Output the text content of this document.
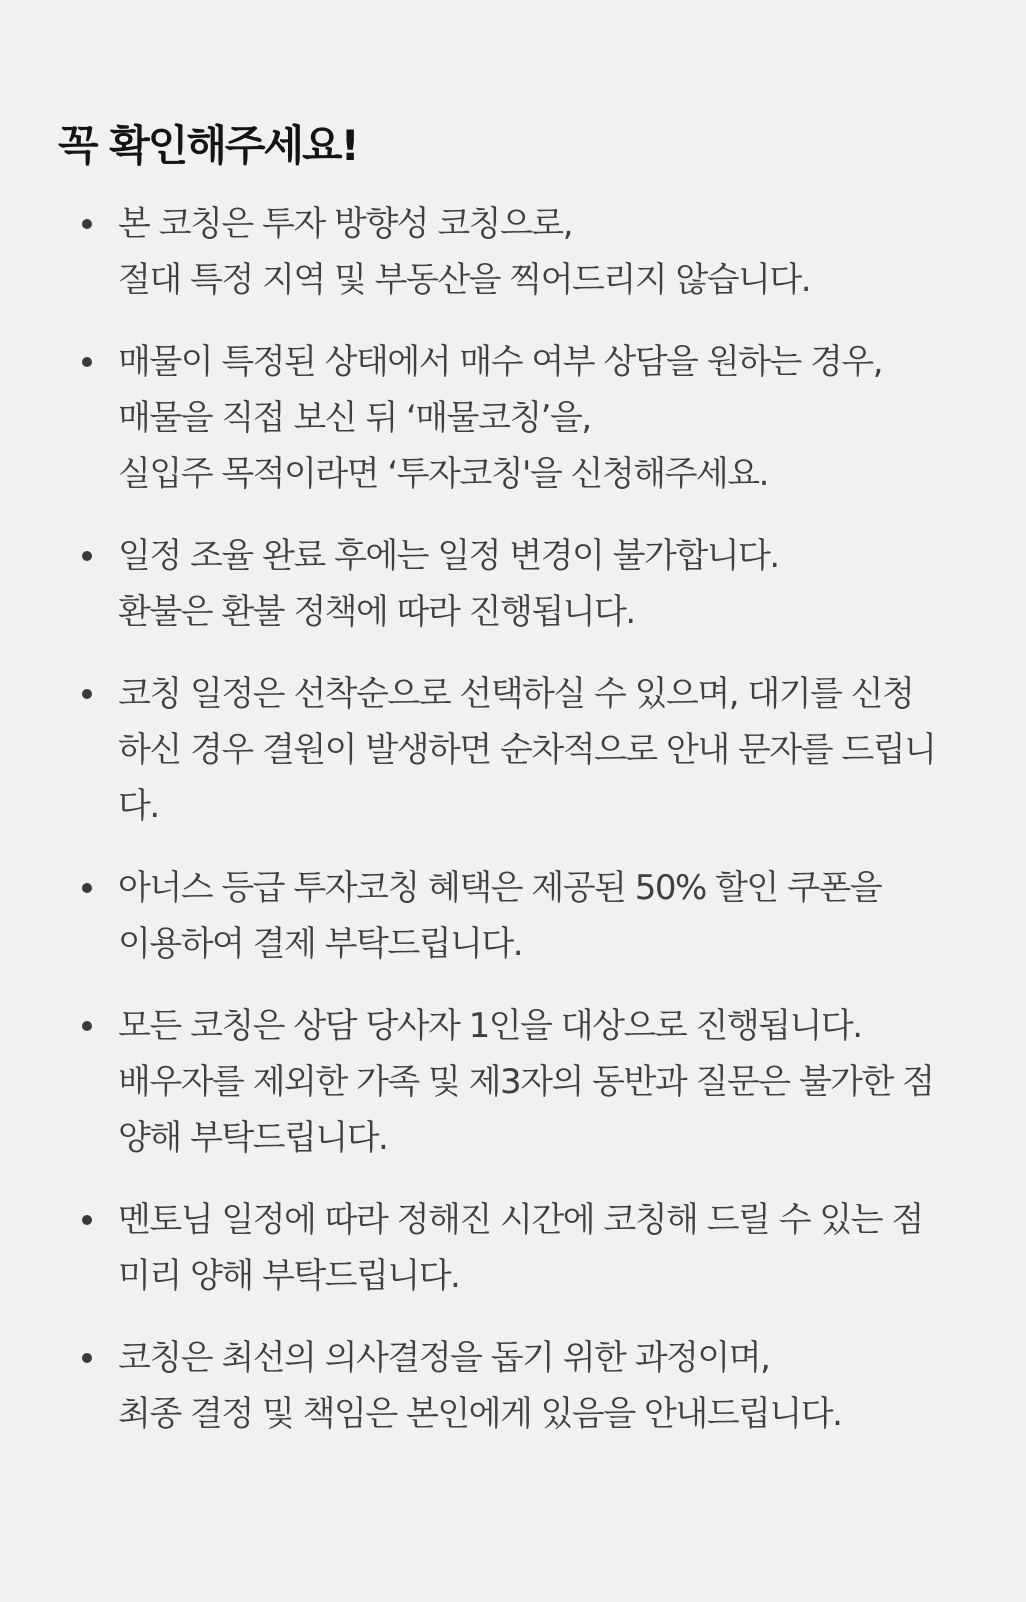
꼭 확인해주세요!
본 코칭은 투자 방향성 코칭으로,
절대 특정 지역 및 부동산을 찍어드리지 않습니다.
매물이 특정된 상태에서 매수 여부 상담을 원하는 경우,
매물을 직접 보신 뒤 ‘매물코칭’을,
실입주 목적이라면 ‘투자코칭'을 신청해주세요.
일정 조율 완료 후에는 일정 변경이 불가합니다.
환불은 환불 정책에 따라 진행됩니다.
코칭 일정은 선착순으로 선택하실 수 있으며, 대기를 신청
하신 경우 결원이 발생하면 순차적으로 안내 문자를 드립니
다.
아너스 등급 투자코칭 혜택은 제공된 50% 할인 쿠폰을
이용하여 결제 부탁드립니다.
모든 코칭은 상담 당사자 1인을 대상으로 진행됩니다.
배우자를 제외한 가족 및 제3자의 동반과 질문은 불가한 점
양해 부탁드립니다.
멘토님 일정에 따라 정해진 시간에 코칭해 드릴 수 있는 점
미리 양해 부탁드립니다.
코칭은 최선의 의사결정을 돕기 위한 과정이며,
최종 결정 및 책임은 본인에게 있음을 안내드립니다.
